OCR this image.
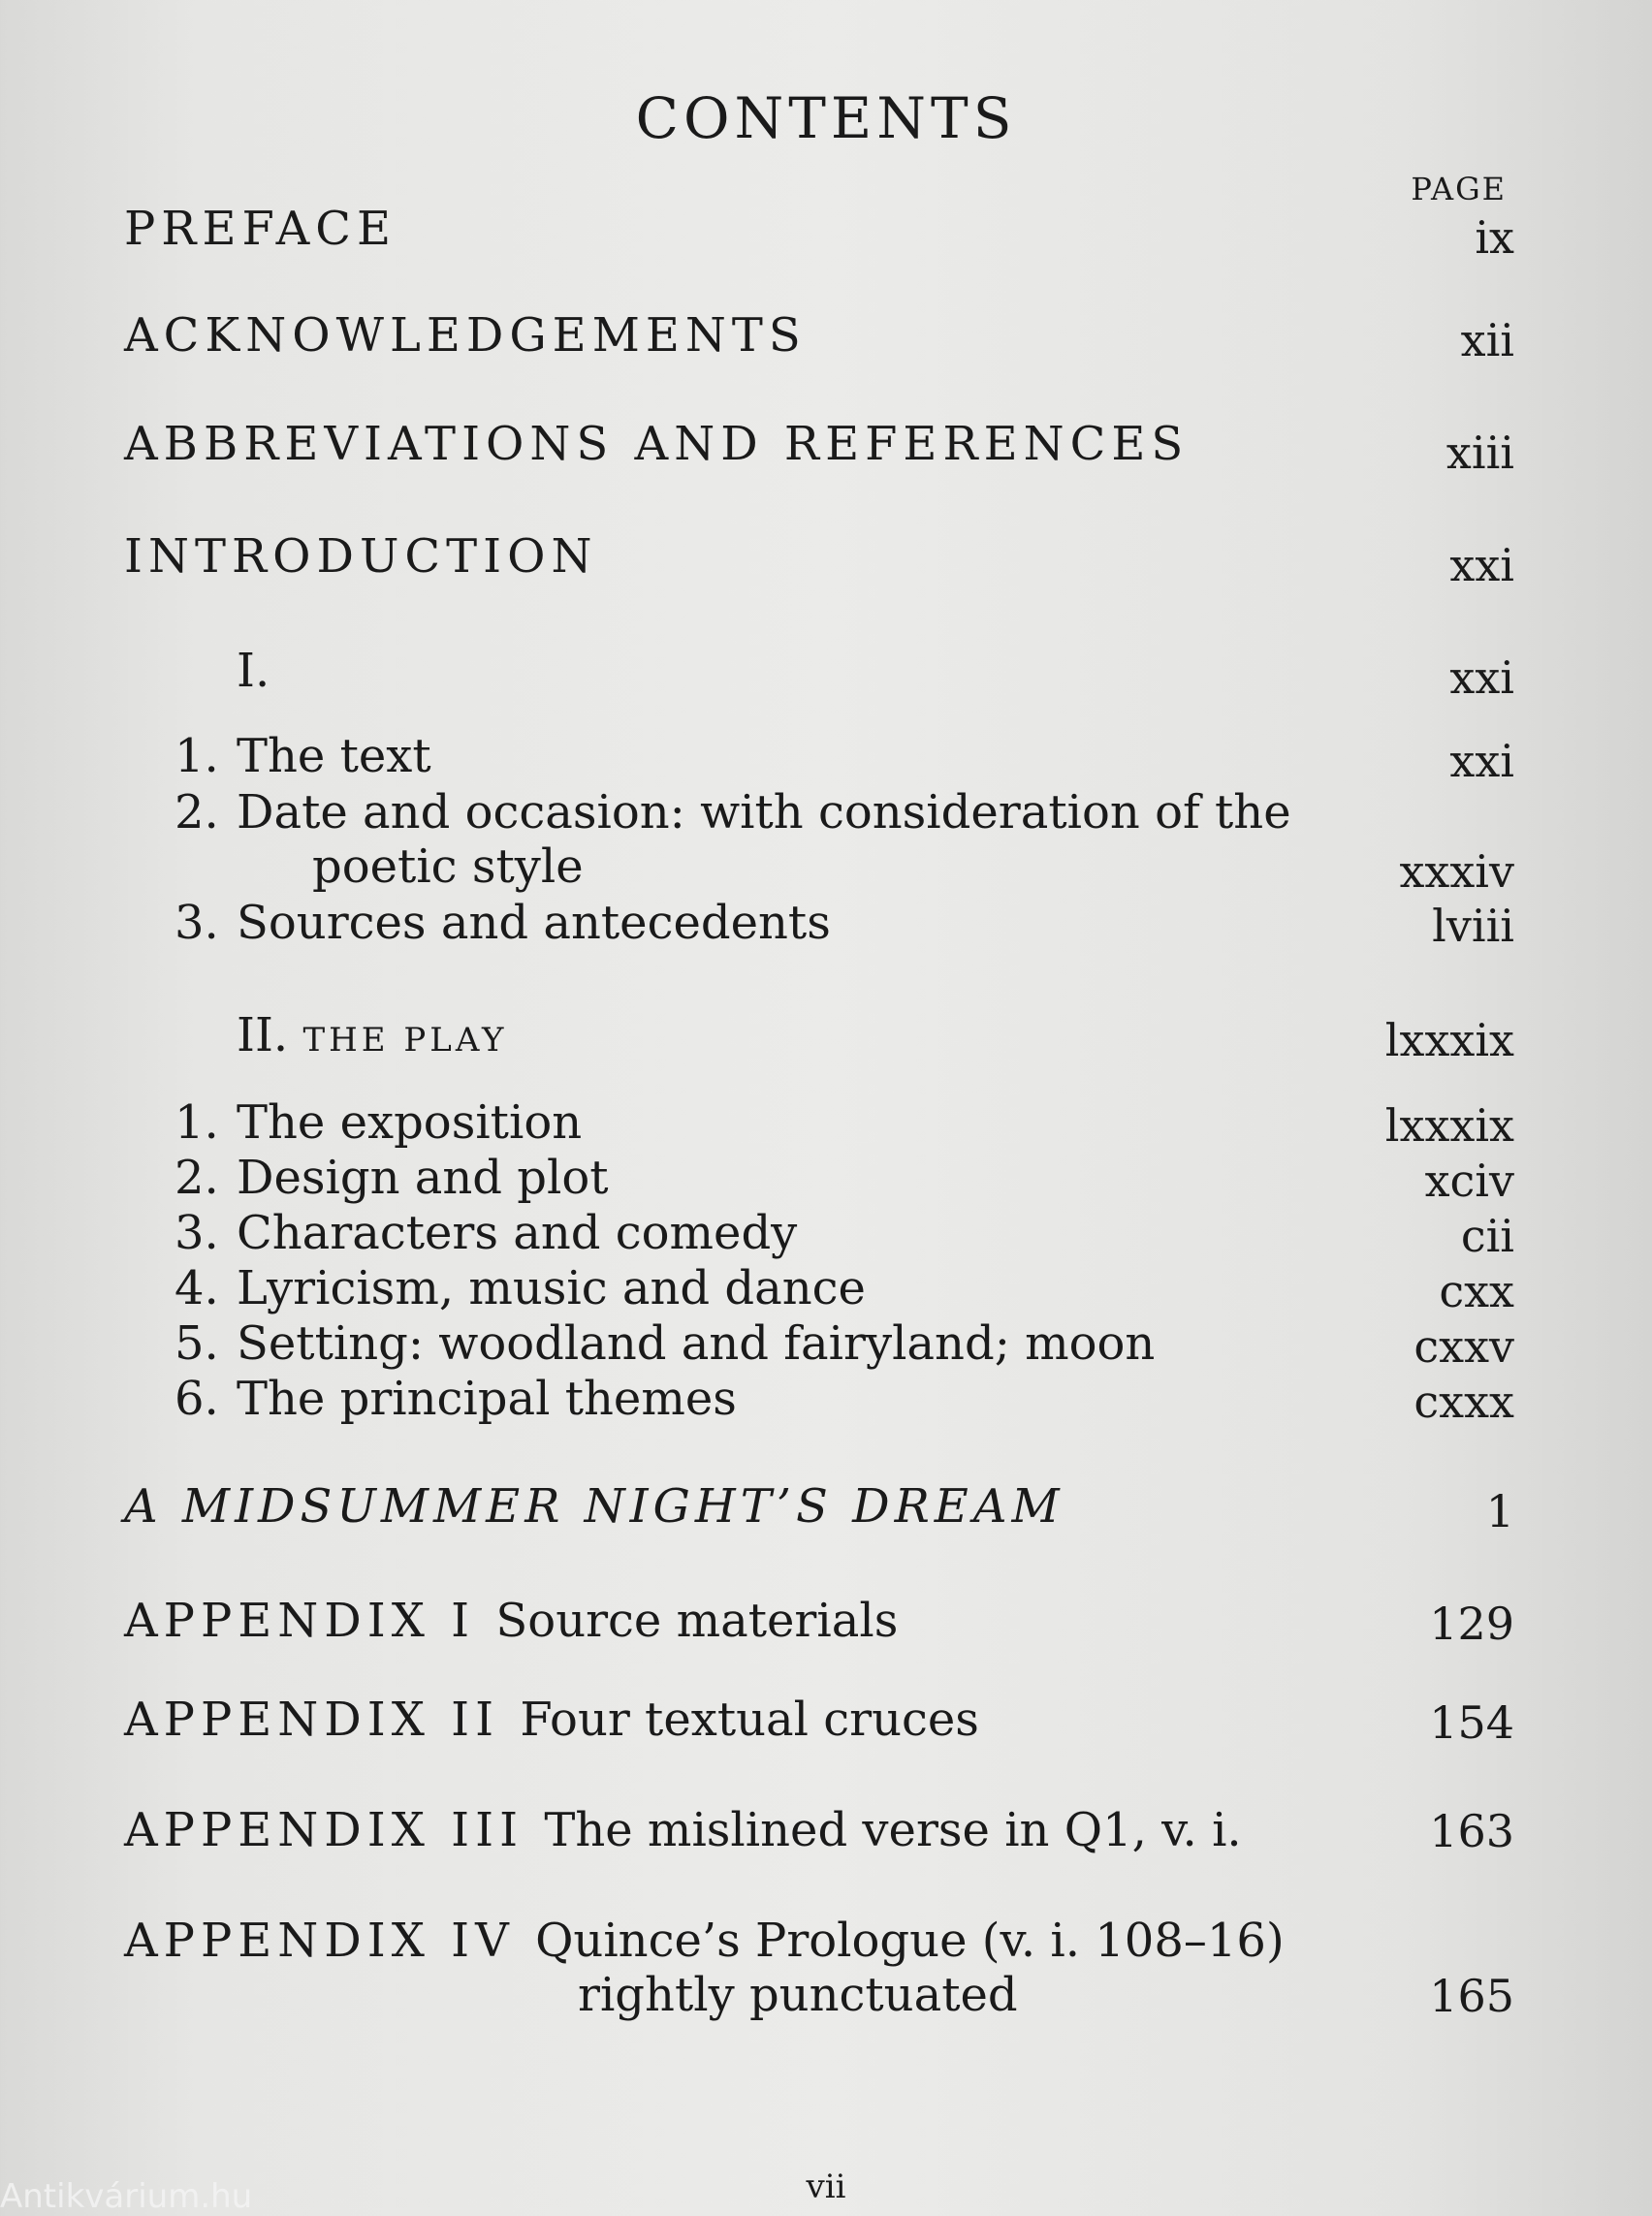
CONTENTS
PAGE
PREFACE	ix
ACKNOWLEDGEMENTS	xii
ABBREVIATIONS AND REFERENCES	xiii
INTRODUCTION	xxi
I.	xxi
1. The text	xxi
2. Date and occasion: with consideration of the
poetic style	xxxiv
3. Sources and antecedents	lviii
II. THE PLAY	lxxxix
1. The exposition	lxxxix
2. Design and plot	xciv
3. Characters and comedy	cii
4. Lyricism, music and dance	cxx
5. Setting: woodland and fairyland; moon	cxxv
6. The principal themes	cxxx
A MIDSUMMER NIGHT’S DREAM	1
APPENDIX I Source materials	129
APPENDIX II Four textual cruces	154
APPENDIX III The mislined verse in Q1, v. i.	163
APPENDIX IV Quince’s Prologue (v. i. 108–16)
rightly punctuated	165
vii
Antikvárium.hu
